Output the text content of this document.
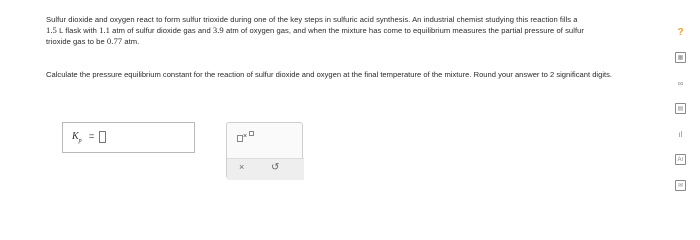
Sulfur dioxide and oxygen react to form sulfur trioxide during one of the key steps in sulfuric acid synthesis. An industrial chemist studying this reaction fills a
1.5 L flask with 1.1 atm of sulfur dioxide gas and 3.9 atm of oxygen gas, and when the mixture has come to equilibrium measures the partial pressure of sulfur
trioxide gas to be 0.77 atm.
Calculate the pressure equilibrium constant for the reaction of sulfur dioxide and oxygen at the final temperature of the mixture. Round your answer to 2 significant digits.
$K_p$ =	×
×	↺
?
▦
∞
▤
ıl
Ar
✉
